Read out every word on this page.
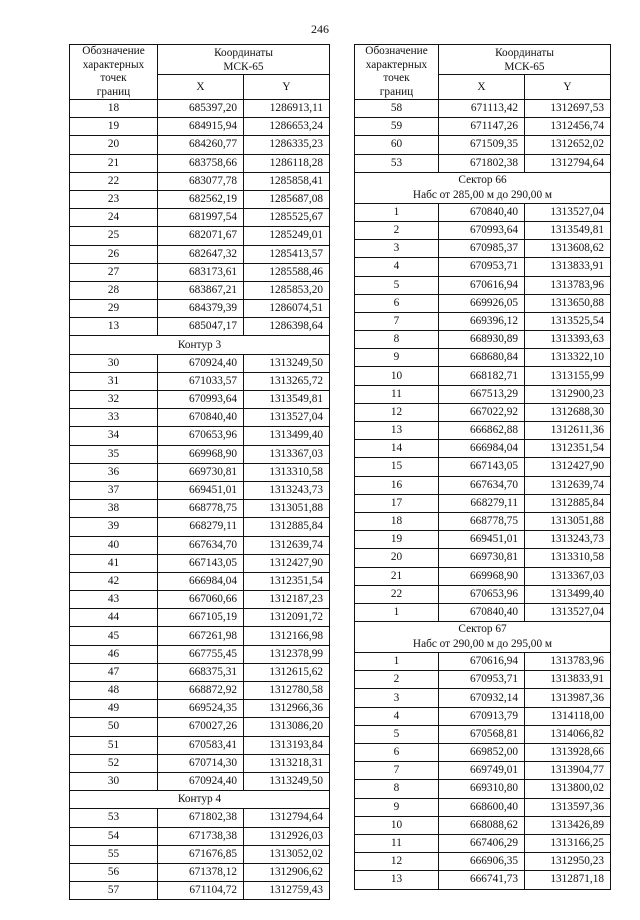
246
Обозначение
характерных
точек
границ	Координаты
МСК-65	
	X	Y
18	685397,20	1286913,11
19	684915,94	1286653,24
20	684260,77	1286335,23
21	683758,66	1286118,28
22	683077,78	1285858,41
23	682562,19	1285687,08
24	681997,54	1285525,67
25	682071,67	1285249,01
26	682647,32	1285413,57
27	683173,61	1285588,46
28	683867,21	1285853,20
29	684379,39	1286074,51
13	685047,17	1286398,64
Контур 3		
30	670924,40	1313249,50
31	671033,57	1313265,72
32	670993,64	1313549,81
33	670840,40	1313527,04
34	670653,96	1313499,40
35	669968,90	1313367,03
36	669730,81	1313310,58
37	669451,01	1313243,73
38	668778,75	1313051,88
39	668279,11	1312885,84
40	667634,70	1312639,74
41	667143,05	1312427,90
42	666984,04	1312351,54
43	667060,66	1312187,23
44	667105,19	1312091,72
45	667261,98	1312166,98
46	667755,45	1312378,99
47	668375,31	1312615,62
48	668872,92	1312780,58
49	669524,35	1312966,36
50	670027,26	1313086,20
51	670583,41	1313193,84
52	670714,30	1313218,31
30	670924,40	1313249,50
Контур 4		
53	671802,38	1312794,64
54	671738,38	1312926,03
55	671676,85	1313052,02
56	671378,12	1312906,62
57	671104,72	1312759,43
Обозначение
характерных
точек
границ	Координаты
МСК-65	
	X	Y
58	671113,42	1312697,53
59	671147,26	1312456,74
60	671509,35	1312652,02
53	671802,38	1312794,64
Сектор 66
Набс от 285,00 м до 290,00 м		
1	670840,40	1313527,04
2	670993,64	1313549,81
3	670985,37	1313608,62
4	670953,71	1313833,91
5	670616,94	1313783,96
6	669926,05	1313650,88
7	669396,12	1313525,54
8	668930,89	1313393,63
9	668680,84	1313322,10
10	668182,71	1313155,99
11	667513,29	1312900,23
12	667022,92	1312688,30
13	666862,88	1312611,36
14	666984,04	1312351,54
15	667143,05	1312427,90
16	667634,70	1312639,74
17	668279,11	1312885,84
18	668778,75	1313051,88
19	669451,01	1313243,73
20	669730,81	1313310,58
21	669968,90	1313367,03
22	670653,96	1313499,40
1	670840,40	1313527,04
Сектор 67
Набс от 290,00 м до 295,00 м		
1	670616,94	1313783,96
2	670953,71	1313833,91
3	670932,14	1313987,36
4	670913,79	1314118,00
5	670568,81	1314066,82
6	669852,00	1313928,66
7	669749,01	1313904,77
8	669310,80	1313800,02
9	668600,40	1313597,36
10	668088,62	1313426,89
11	667406,29	1313166,25
12	666906,35	1312950,23
13	666741,73	1312871,18
